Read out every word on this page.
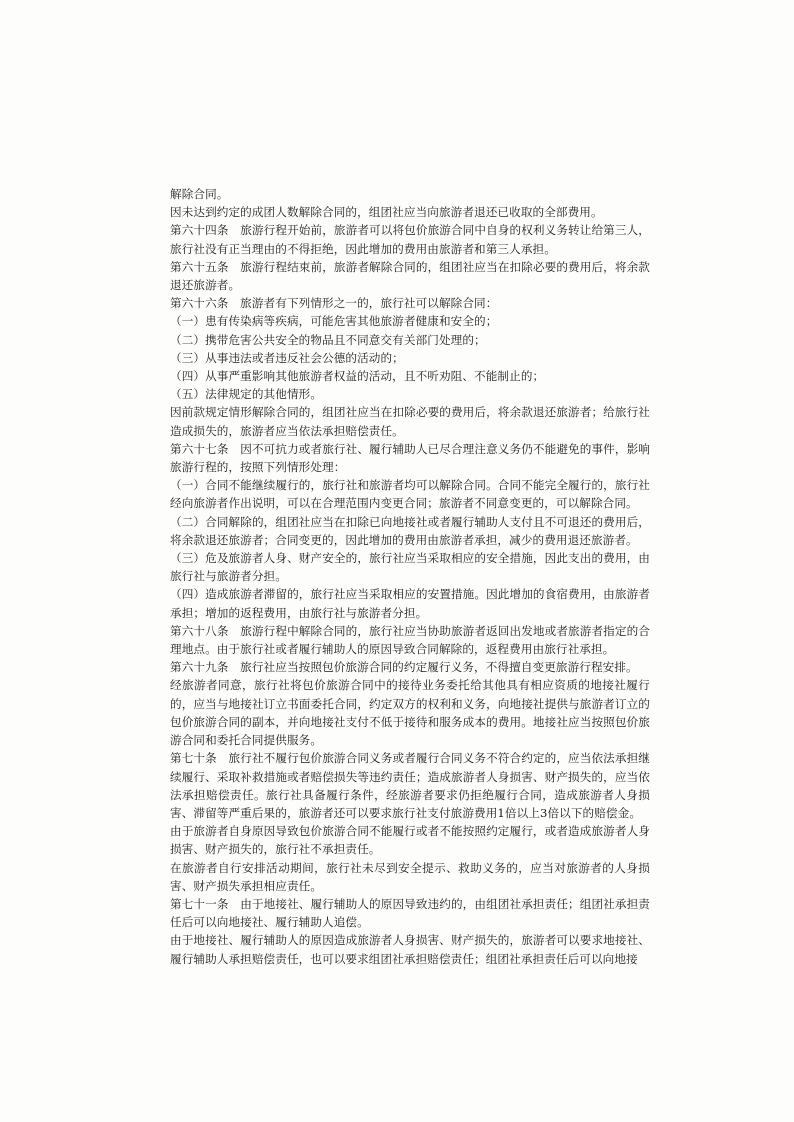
解除合同。

因未达到约定的成团人数解除合同的，组团社应当向旅游者退还已收取的全部费用。

第六十四条　旅游行程开始前，旅游者可以将包价旅游合同中自身的权利义务转让给第三人，旅行社没有正当理由的不得拒绝，因此增加的费用由旅游者和第三人承担。

第六十五条　旅游行程结束前，旅游者解除合同的，组团社应当在扣除必要的费用后，将余款退还旅游者。

第六十六条　旅游者有下列情形之一的，旅行社可以解除合同：

（一）患有传染病等疾病，可能危害其他旅游者健康和安全的；

（二）携带危害公共安全的物品且不同意交有关部门处理的；

（三）从事违法或者违反社会公德的活动的；

（四）从事严重影响其他旅游者权益的活动，且不听劝阻、不能制止的；

（五）法律规定的其他情形。

因前款规定情形解除合同的，组团社应当在扣除必要的费用后，将余款退还旅游者；给旅行社造成损失的，旅游者应当依法承担赔偿责任。

第六十七条　因不可抗力或者旅行社、履行辅助人已尽合理注意义务仍不能避免的事件，影响旅游行程的，按照下列情形处理：

（一）合同不能继续履行的，旅行社和旅游者均可以解除合同。合同不能完全履行的，旅行社经向旅游者作出说明，可以在合理范围内变更合同；旅游者不同意变更的，可以解除合同。

（二）合同解除的，组团社应当在扣除已向地接社或者履行辅助人支付且不可退还的费用后，将余款退还旅游者；合同变更的，因此增加的费用由旅游者承担，减少的费用退还旅游者。

（三）危及旅游者人身、财产安全的，旅行社应当采取相应的安全措施，因此支出的费用，由旅行社与旅游者分担。

（四）造成旅游者滞留的，旅行社应当采取相应的安置措施。因此增加的食宿费用，由旅游者承担；增加的返程费用，由旅行社与旅游者分担。

第六十八条　旅游行程中解除合同的，旅行社应当协助旅游者返回出发地或者旅游者指定的合理地点。由于旅行社或者履行辅助人的原因导致合同解除的，返程费用由旅行社承担。

第六十九条　旅行社应当按照包价旅游合同的约定履行义务，不得擅自变更旅游行程安排。

经旅游者同意，旅行社将包价旅游合同中的接待业务委托给其他具有相应资质的地接社履行的，应当与地接社订立书面委托合同，约定双方的权利和义务，向地接社提供与旅游者订立的包价旅游合同的副本，并向地接社支付不低于接待和服务成本的费用。地接社应当按照包价旅游合同和委托合同提供服务。

第七十条　旅行社不履行包价旅游合同义务或者履行合同义务不符合约定的，应当依法承担继续履行、采取补救措施或者赔偿损失等违约责任；造成旅游者人身损害、财产损失的，应当依法承担赔偿责任。旅行社具备履行条件，经旅游者要求仍拒绝履行合同，造成旅游者人身损害、滞留等严重后果的，旅游者还可以要求旅行社支付旅游费用1倍以上3倍以下的赔偿金。

由于旅游者自身原因导致包价旅游合同不能履行或者不能按照约定履行，或者造成旅游者人身损害、财产损失的，旅行社不承担责任。

在旅游者自行安排活动期间，旅行社未尽到安全提示、救助义务的，应当对旅游者的人身损害、财产损失承担相应责任。

第七十一条　由于地接社、履行辅助人的原因导致违约的，由组团社承担责任；组团社承担责任后可以向地接社、履行辅助人追偿。

由于地接社、履行辅助人的原因造成旅游者人身损害、财产损失的，旅游者可以要求地接社、履行辅助人承担赔偿责任，也可以要求组团社承担赔偿责任；组团社承担责任后可以向地接
